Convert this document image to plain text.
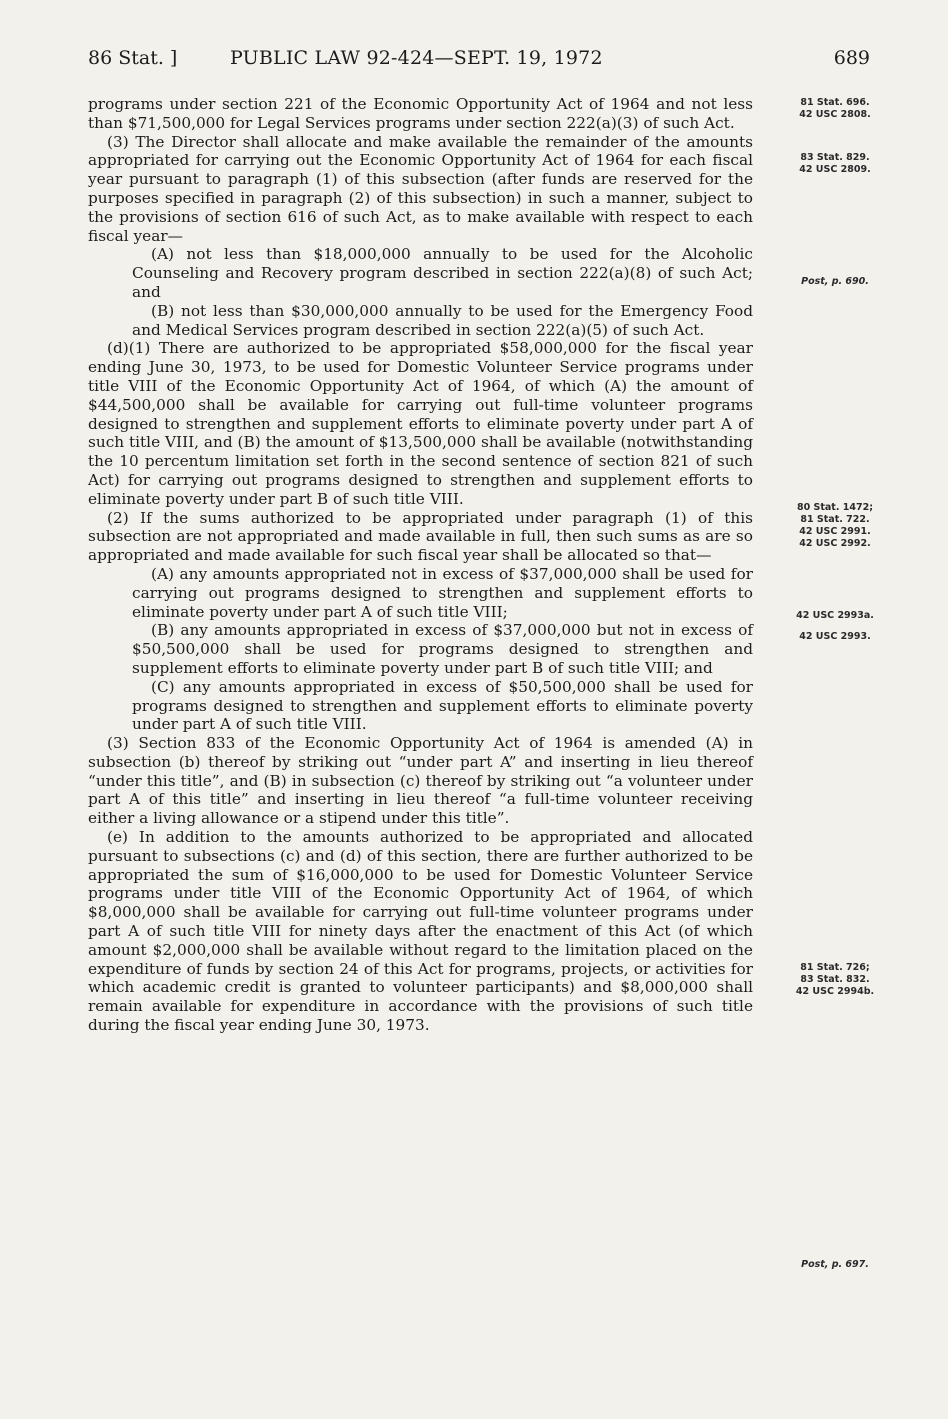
86 Stat. ]	PUBLIC LAW 92-424—SEPT. 19, 1972	689

programs under section 221 of the Economic Opportunity Act of 1964 and not less than $71,500,000 for Legal Services programs under section 222(a)(3) of such Act.

(3) The Director shall allocate and make available the remainder of the amounts appropriated for carrying out the Economic Opportunity Act of 1964 for each fiscal year pursuant to paragraph (1) of this subsection (after funds are reserved for the purposes specified in paragraph (2) of this subsection) in such a manner, subject to the provisions of section 616 of such Act, as to make available with respect to each fiscal year—

(A) not less than $18,000,000 annually to be used for the Alcoholic Counseling and Recovery program described in section 222(a)(8) of such Act; and

(B) not less than $30,000,000 annually to be used for the Emergency Food and Medical Services program described in section 222(a)(5) of such Act.

(d)(1) There are authorized to be appropriated $58,000,000 for the fiscal year ending June 30, 1973, to be used for Domestic Volunteer Service programs under title VIII of the Economic Opportunity Act of 1964, of which (A) the amount of $44,500,000 shall be available for carrying out full-time volunteer programs designed to strengthen and supplement efforts to eliminate poverty under part A of such title VIII, and (B) the amount of $13,500,000 shall be available (notwithstanding the 10 percentum limitation set forth in the second sentence of section 821 of such Act) for carrying out programs designed to strengthen and supplement efforts to eliminate poverty under part B of such title VIII.

(2) If the sums authorized to be appropriated under paragraph (1) of this subsection are not appropriated and made available in full, then such sums as are so appropriated and made available for such fiscal year shall be allocated so that—

(A) any amounts appropriated not in excess of $37,000,000 shall be used for carrying out programs designed to strengthen and supplement efforts to eliminate poverty under part A of such title VIII;

(B) any amounts appropriated in excess of $37,000,000 but not in excess of $50,500,000 shall be used for programs designed to strengthen and supplement efforts to eliminate poverty under part B of such title VIII; and

(C) any amounts appropriated in excess of $50,500,000 shall be used for programs designed to strengthen and supplement efforts to eliminate poverty under part A of such title VIII.

(3) Section 833 of the Economic Opportunity Act of 1964 is amended (A) in subsection (b) thereof by striking out “under part A” and inserting in lieu thereof “under this title”, and (B) in subsection (c) thereof by striking out “a volunteer under part A of this title” and inserting in lieu thereof “a full-time volunteer receiving either a living allowance or a stipend under this title”.

(e) In addition to the amounts authorized to be appropriated and allocated pursuant to subsections (c) and (d) of this section, there are further authorized to be appropriated the sum of $16,000,000 to be used for Domestic Volunteer Service programs under title VIII of the Economic Opportunity Act of 1964, of which $8,000,000 shall be available for carrying out full-time volunteer programs under part A of such title VIII for ninety days after the enactment of this Act (of which amount $2,000,000 shall be available without regard to the limitation placed on the expenditure of funds by section 24 of this Act for programs, projects, or activities for which academic credit is granted to volunteer participants) and $8,000,000 shall remain available for expenditure in accordance with the provisions of such title during the fiscal year ending June 30, 1973.

81 Stat. 696.
42 USC 2808.
83 Stat. 829.
42 USC 2809.
Post, p. 690.
80 Stat. 1472;
81 Stat. 722.
42 USC 2991.
42 USC 2992.
42 USC 2993a.
42 USC 2993.
81 Stat. 726;
83 Stat. 832.
42 USC 2994b.
Post, p. 697.
